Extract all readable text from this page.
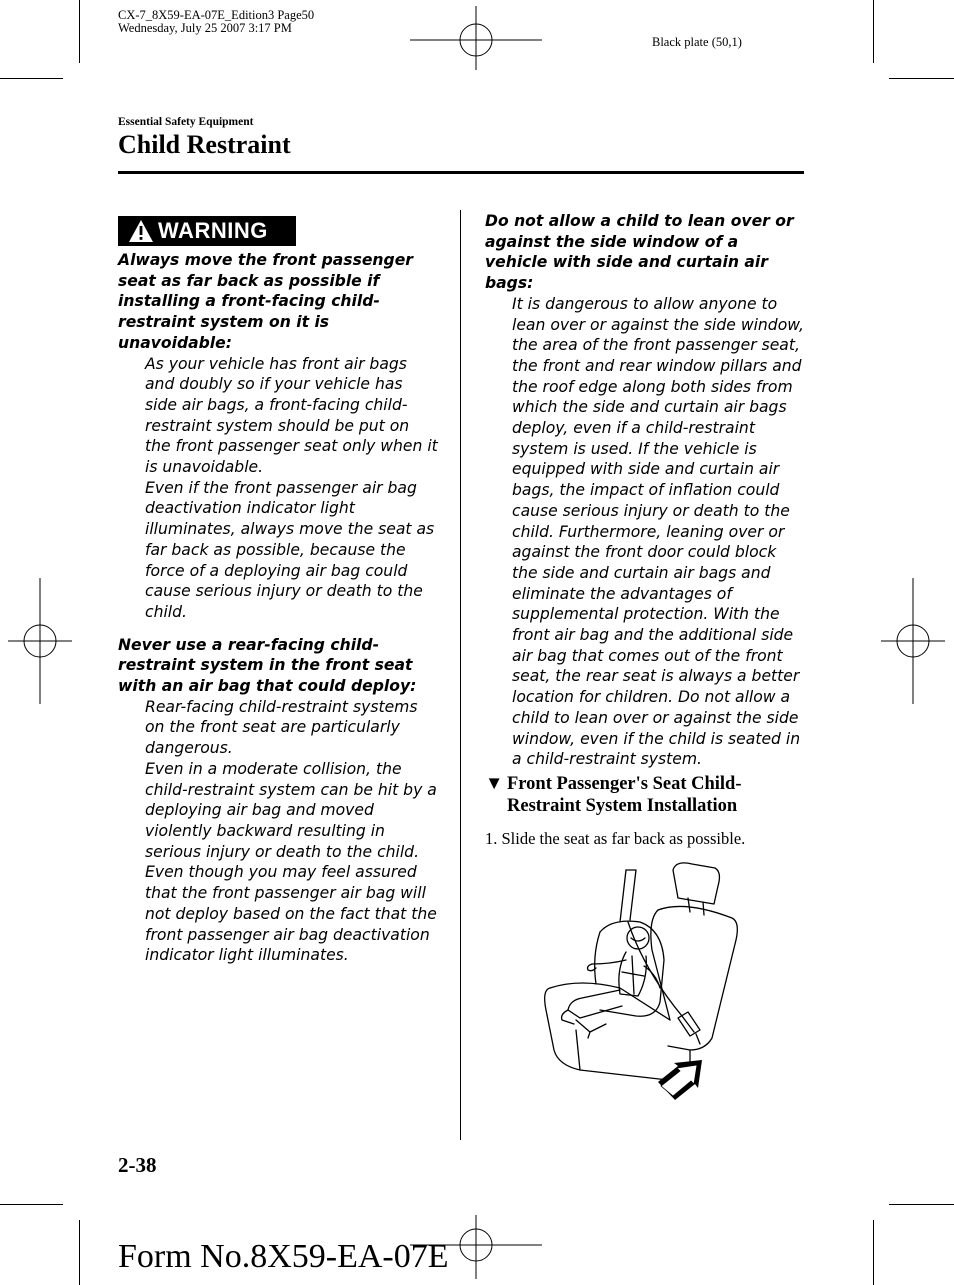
CX-7_8X59-EA-07E_Edition3 Page50
Wednesday, July 25 2007 3:17 PM
Black plate (50,1)
Essential Safety Equipment
Child Restraint
WARNING

Always move the front passenger seat as far back as possible if installing a front-facing child-restraint system on it is unavoidable:

As your vehicle has front air bags and doubly so if your vehicle has side air bags, a front-facing child-restraint system should be put on the front passenger seat only when it is unavoidable.

Even if the front passenger air bag deactivation indicator light illuminates, always move the seat as far back as possible, because the force of a deploying air bag could cause serious injury or death to the child.

Never use a rear-facing child-restraint system in the front seat with an air bag that could deploy:

Rear-facing child-restraint systems on the front seat are particularly dangerous.

Even in a moderate collision, the child-restraint system can be hit by a deploying air bag and moved violently backward resulting in serious injury or death to the child.

Even though you may feel assured that the front passenger air bag will not deploy based on the fact that the front passenger air bag deactivation indicator light illuminates.

Do not allow a child to lean over or against the side window of a vehicle with side and curtain air bags:

It is dangerous to allow anyone to lean over or against the side window, the area of the front passenger seat, the front and rear window pillars and the roof edge along both sides from which the side and curtain air bags deploy, even if a child-restraint system is used. If the vehicle is equipped with side and curtain air bags, the impact of inflation could cause serious injury or death to the child. Furthermore, leaning over or against the front door could block the side and curtain air bags and eliminate the advantages of supplemental protection. With the front air bag and the additional side air bag that comes out of the front seat, the rear seat is always a better location for children. Do not allow a child to lean over or against the side window, even if the child is seated in a child-restraint system.

▼ Front Passenger's Seat Child-Restraint System Installation
1. Slide the seat as far back as possible.
2-38
Form No.8X59-EA-07E
